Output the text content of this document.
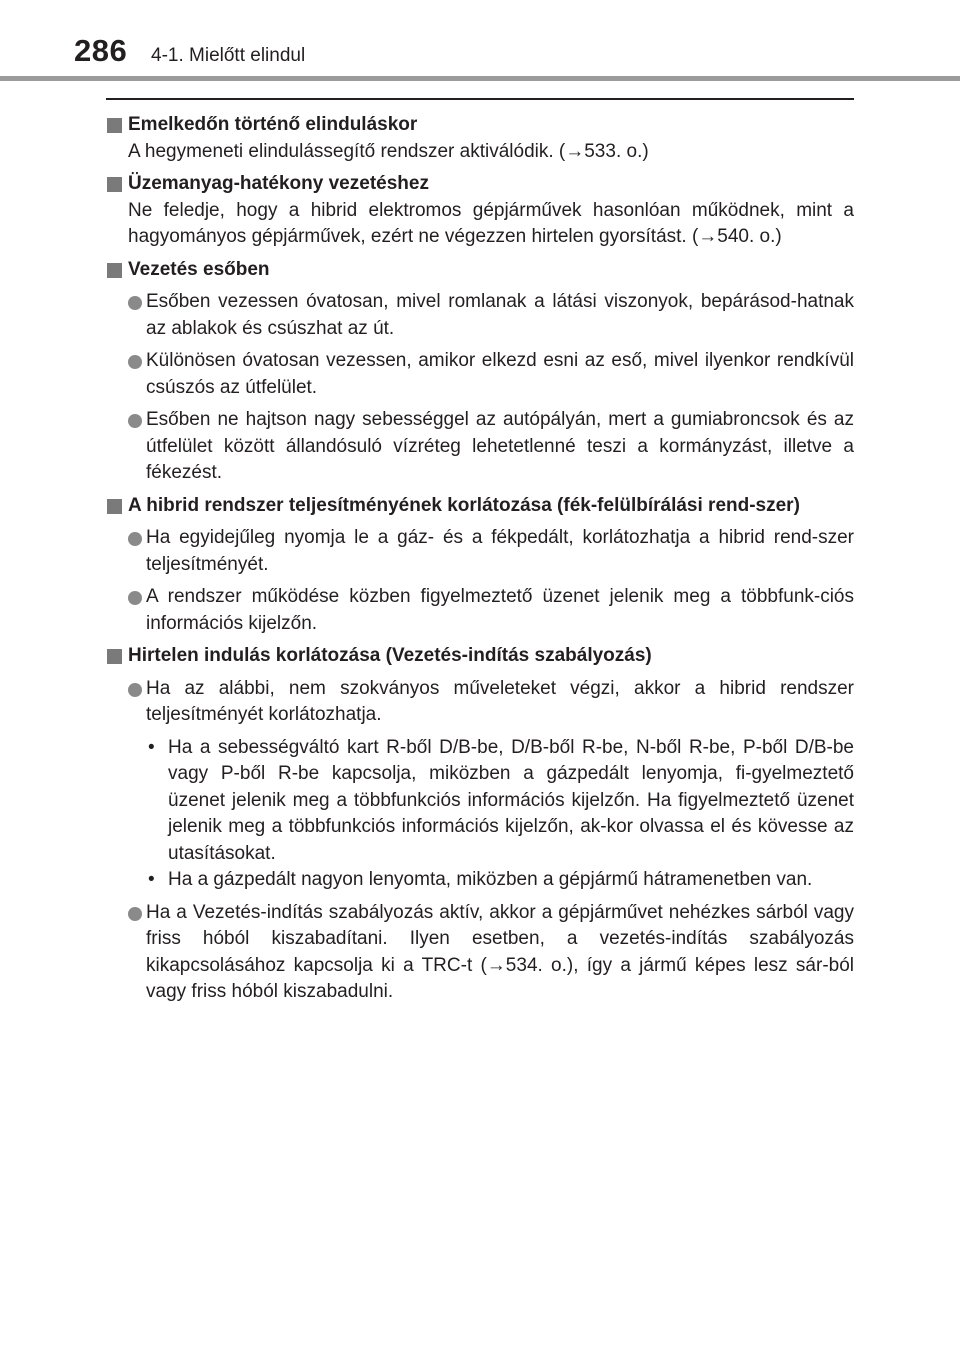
286 4-1. Mielőtt elindul
Emelkedőn történő elinduláskor
A hegymeneti elindulássegítő rendszer aktiválódik. (→533. o.)
Üzemanyag-hatékony vezetéshez
Ne feledje, hogy a hibrid elektromos gépjárművek hasonlóan működnek, mint a hagyományos gépjárművek, ezért ne végezzen hirtelen gyorsítást. (→540. o.)
Vezetés esőben
Esőben vezessen óvatosan, mivel romlanak a látási viszonyok, bepárásod-hatnak az ablakok és csúszhat az út.
Különösen óvatosan vezessen, amikor elkezd esni az eső, mivel ilyenkor rendkívül csúszós az útfelület.
Esőben ne hajtson nagy sebességgel az autópályán, mert a gumiabroncsok és az útfelület között állandósuló vízréteg lehetetlenné teszi a kormányzást, illetve a fékezést.
A hibrid rendszer teljesítményének korlátozása (fék-felülbírálási rend-szer)
Ha egyidejűleg nyomja le a gáz- és a fékpedált, korlátozhatja a hibrid rend-szer teljesítményét.
A rendszer működése közben figyelmeztető üzenet jelenik meg a többfunk-ciós információs kijelzőn.
Hirtelen indulás korlátozása (Vezetés-indítás szabályozás)
Ha az alábbi, nem szokványos műveleteket végzi, akkor a hibrid rendszer teljesítményét korlátozhatja.
• Ha a sebességváltó kart R-ből D/B-be, D/B-ből R-be, N-ből R-be, P-ből D/B-be vagy P-ből R-be kapcsolja, miközben a gázpedált lenyomja, fi-gyelmeztető üzenet jelenik meg a többfunkciós információs kijelzőn. Ha figyelmeztető üzenet jelenik meg a többfunkciós információs kijelzőn, ak-kor olvassa el és kövesse az utasításokat.
• Ha a gázpedált nagyon lenyomta, miközben a gépjármű hátramenetben van.
Ha a Vezetés-indítás szabályozás aktív, akkor a gépjárművet nehézkes sárból vagy friss hóból kiszabadítani. Ilyen esetben, a vezetés-indítás szabályozás kikapcsolásához kapcsolja ki a TRC-t (→534. o.), így a jármű képes lesz sár-ból vagy friss hóból kiszabadulni.
